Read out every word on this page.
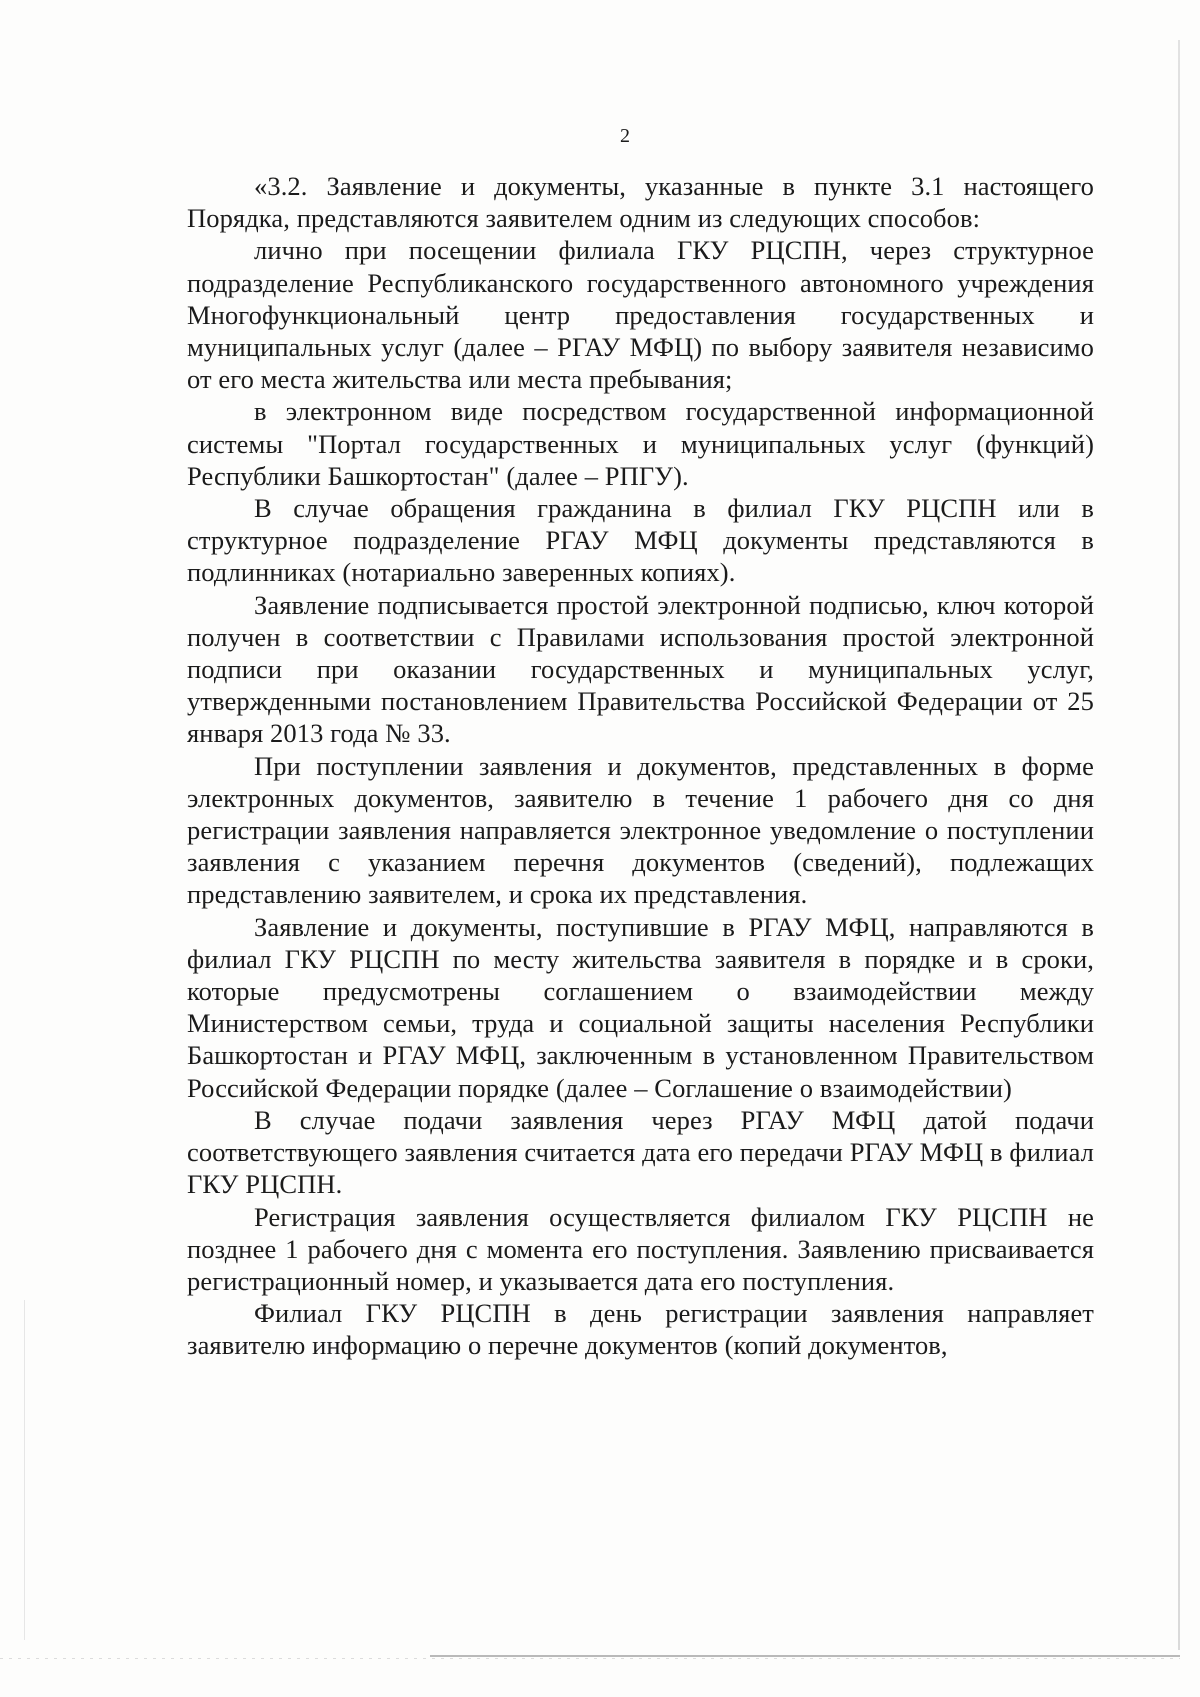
2

«3.2. Заявление и документы, указанные в пункте 3.1 настоящего Порядка, представляются заявителем одним из следующих способов:

лично при посещении филиала ГКУ РЦСПН, через структурное подразделение Республиканского государственного автономного учреждения Многофункциональный центр предоставления государственных и муниципальных услуг (далее – РГАУ МФЦ) по выбору заявителя независимо от его места жительства или места пребывания;

в электронном виде посредством государственной информационной системы "Портал государственных и муниципальных услуг (функций) Республики Башкортостан" (далее – РПГУ).

В случае обращения гражданина в филиал ГКУ РЦСПН или в структурное подразделение РГАУ МФЦ документы представляются в подлинниках (нотариально заверенных копиях).

Заявление подписывается простой электронной подписью, ключ которой получен в соответствии с Правилами использования простой электронной подписи при оказании государственных и муниципальных услуг, утвержденными постановлением Правительства Российской Федерации от 25 января 2013 года № 33.

При поступлении заявления и документов, представленных в форме электронных документов, заявителю в течение 1 рабочего дня со дня регистрации заявления направляется электронное уведомление о поступлении заявления с указанием перечня документов (сведений), подлежащих представлению заявителем, и срока их представления.

Заявление и документы, поступившие в РГАУ МФЦ, направляются в филиал ГКУ РЦСПН по месту жительства заявителя в порядке и в сроки, которые предусмотрены соглашением о взаимодействии между Министерством семьи, труда и социальной защиты населения Республики Башкортостан и РГАУ МФЦ, заключенным в установленном Правительством Российской Федерации порядке (далее – Соглашение о взаимодействии)

В случае подачи заявления через РГАУ МФЦ датой подачи соответствующего заявления считается дата его передачи РГАУ МФЦ в филиал ГКУ РЦСПН.

Регистрация заявления осуществляется филиалом ГКУ РЦСПН не позднее 1 рабочего дня с момента его поступления. Заявлению присваивается регистрационный номер, и указывается дата его поступления.

Филиал ГКУ РЦСПН в день регистрации заявления направляет заявителю информацию о перечне документов (копий документов,
